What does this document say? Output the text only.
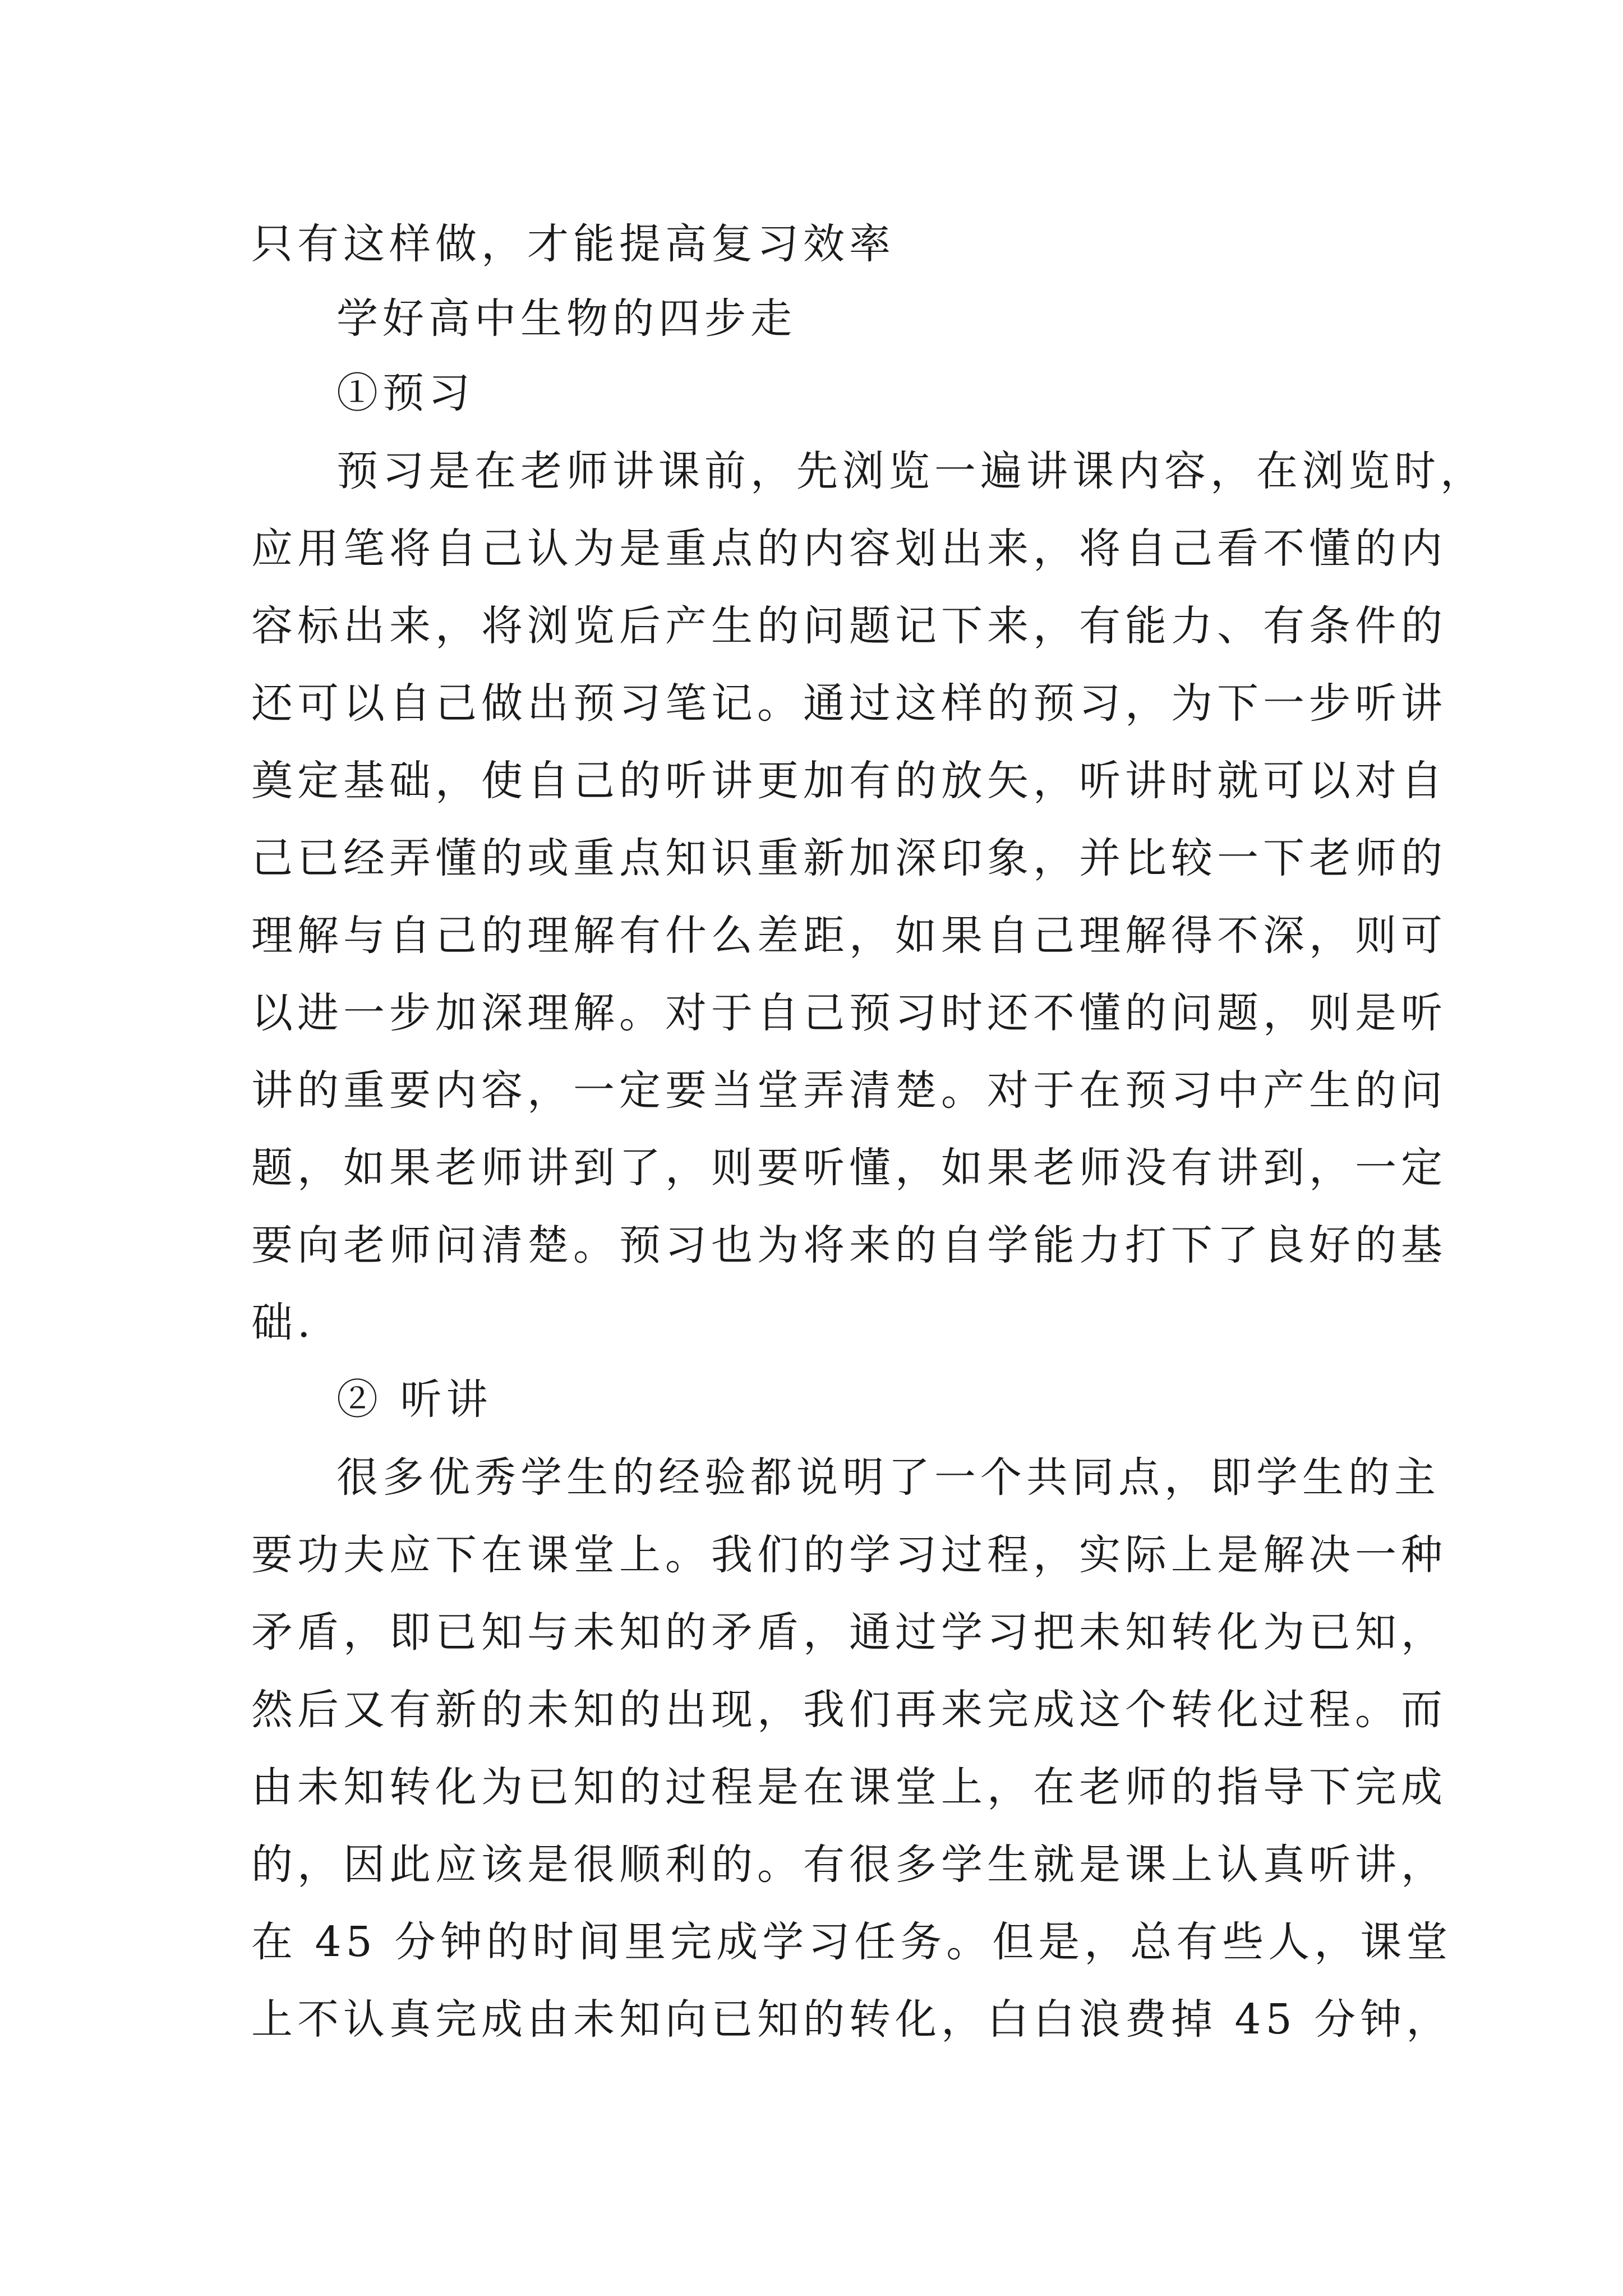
只有这样做，才能提高复习效率
学好高中生物的四步走
①预习
预习是在老师讲课前，先浏览一遍讲课内容，在浏览时，
应用笔将自己认为是重点的内容划出来，将自己看不懂的内
容标出来，将浏览后产生的问题记下来，有能力、有条件的
还可以自己做出预习笔记。通过这样的预习，为下一步听讲
奠定基础，使自己的听讲更加有的放矢，听讲时就可以对自
己已经弄懂的或重点知识重新加深印象，并比较一下老师的
理解与自己的理解有什么差距，如果自己理解得不深，则可
以进一步加深理解。对于自己预习时还不懂的问题，则是听
讲的重要内容，一定要当堂弄清楚。对于在预习中产生的问
题，如果老师讲到了，则要听懂，如果老师没有讲到，一定
要向老师问清楚。预习也为将来的自学能力打下了良好的基
础.
② 听讲
很多优秀学生的经验都说明了一个共同点，即学生的主
要功夫应下在课堂上。我们的学习过程，实际上是解决一种
矛盾，即已知与未知的矛盾，通过学习把未知转化为已知，
然后又有新的未知的出现，我们再来完成这个转化过程。而
由未知转化为已知的过程是在课堂上，在老师的指导下完成
的，因此应该是很顺利的。有很多学生就是课上认真听讲，
在 45 分钟的时间里完成学习任务。但是，总有些人，课堂
上不认真完成由未知向已知的转化，白白浪费掉 45 分钟，
